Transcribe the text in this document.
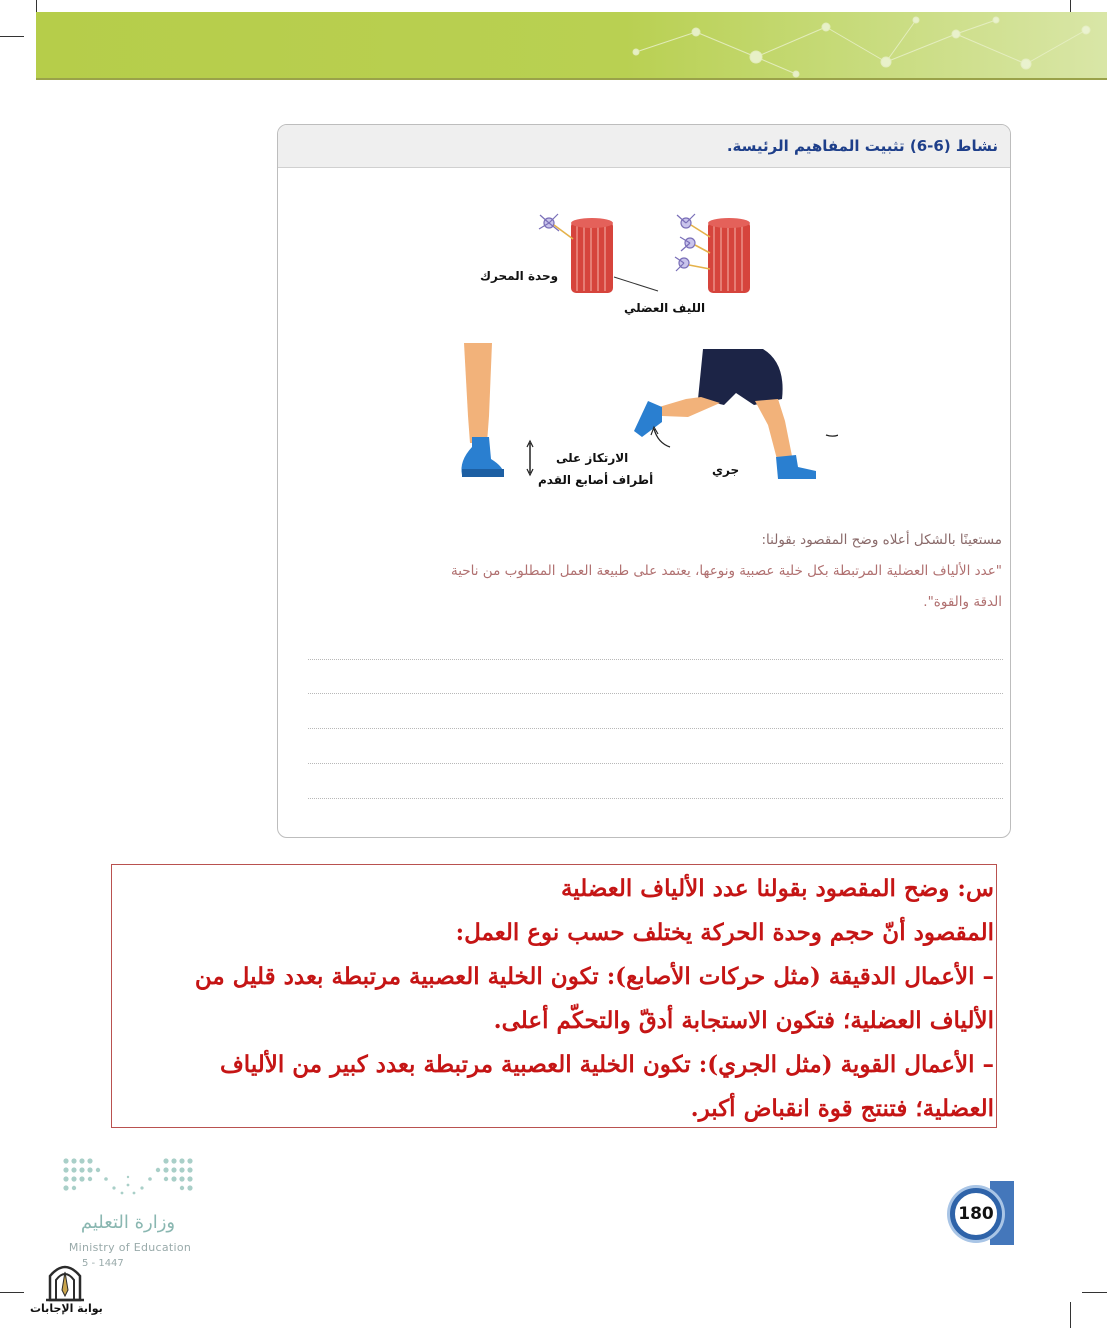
نشاط (6-6) تثبيت المفاهيم الرئيسة.
وحدة المحرك
الليف العضلي
الارتكاز على
أطراف أصابع القدم
جري
مستعينًا بالشكل أعلاه وضح المقصود بقولنا:
"عدد الألياف العضلية المرتبطة بكل خلية عصبية ونوعها، يعتمد على طبيعة العمل المطلوب من ناحية
الدقة والقوة".
س: وضح المقصود بقولنا عدد الألياف العضلية
المقصود أنّ حجم وحدة الحركة يختلف حسب نوع العمل:
– الأعمال الدقيقة (مثل حركات الأصابع): تكون الخلية العصبية مرتبطة بعدد قليل من
الألياف العضلية؛ فتكون الاستجابة أدقّ والتحكّم أعلى.
– الأعمال القوية (مثل الجري): تكون الخلية العصبية مرتبطة بعدد كبير من الألياف
العضلية؛ فتنتج قوة انقباض أكبر.
180
وزارة التعليم
Ministry of Education
5 - 1447
بوابة الإجابات
